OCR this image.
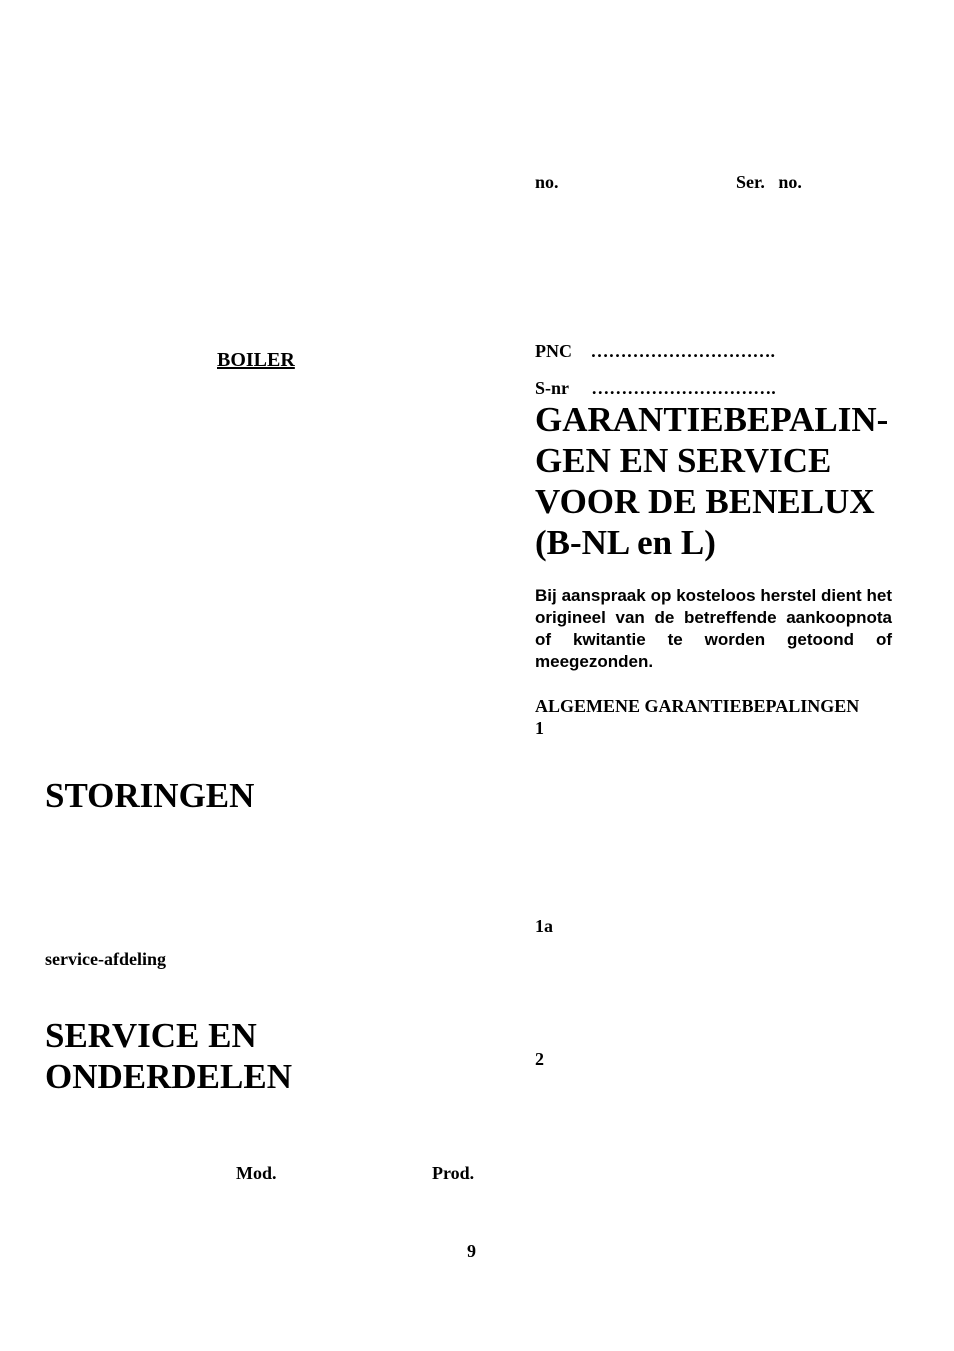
BOILER
STORINGEN
service-afdeling
SERVICE EN
ONDERDELEN
Mod.	Prod.
no.	Ser.   no.
PNC ………………………….
S-nr ………………………….
GARANTIEBEPALIN-
GEN EN SERVICE
VOOR DE BENELUX
(B-NL en L)
Bij aanspraak op kosteloos herstel dient het origineel van de betreffende aankoopnota of kwitantie te worden getoond of meegezonden.
ALGEMENE GARANTIEBEPALINGEN
1
1a
2
9
